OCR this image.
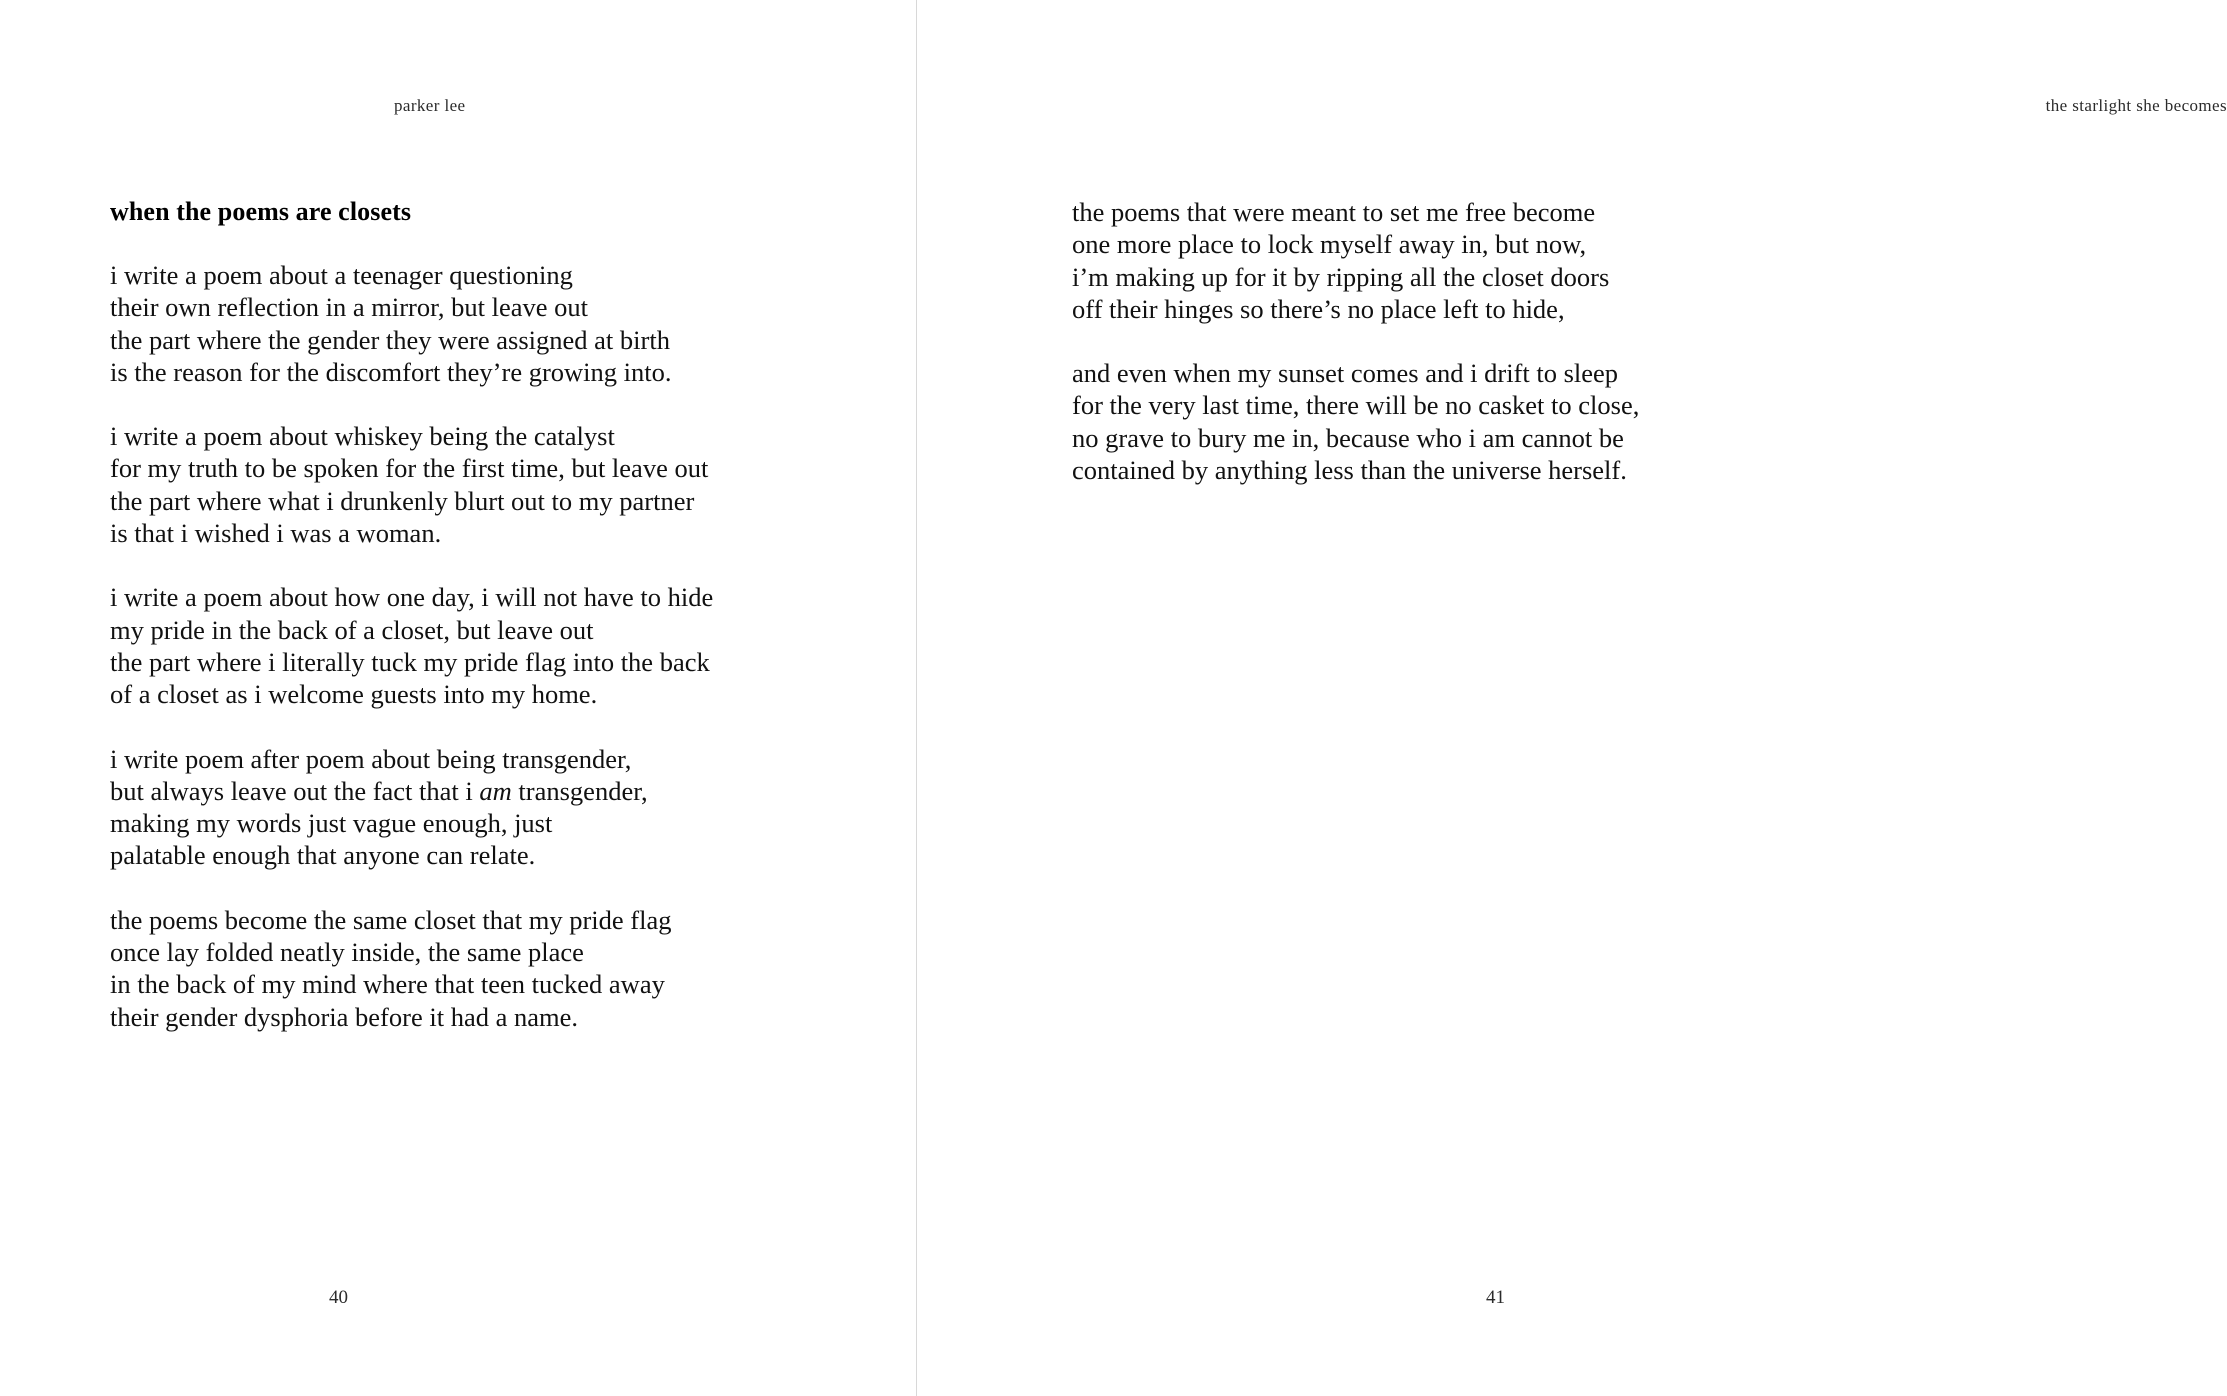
parker lee
when the poems are closets
i write a poem about a teenager questioning
their own reflection in a mirror, but leave out
the part where the gender they were assigned at birth
is the reason for the discomfort they’re growing into.
i write a poem about whiskey being the catalyst
for my truth to be spoken for the first time, but leave out
the part where what i drunkenly blurt out to my partner
is that i wished i was a woman.
i write a poem about how one day, i will not have to hide
my pride in the back of a closet, but leave out
the part where i literally tuck my pride flag into the back
of a closet as i welcome guests into my home.
i write poem after poem about being transgender,
but always leave out the fact that i am transgender,
making my words just vague enough, just
palatable enough that anyone can relate.
the poems become the same closet that my pride flag
once lay folded neatly inside, the same place
in the back of my mind where that teen tucked away
their gender dysphoria before it had a name.
40
the starlight she becomes
the poems that were meant to set me free become
one more place to lock myself away in, but now,
i’m making up for it by ripping all the closet doors
off their hinges so there’s no place left to hide,
and even when my sunset comes and i drift to sleep
for the very last time, there will be no casket to close,
no grave to bury me in, because who i am cannot be
contained by anything less than the universe herself.
41
